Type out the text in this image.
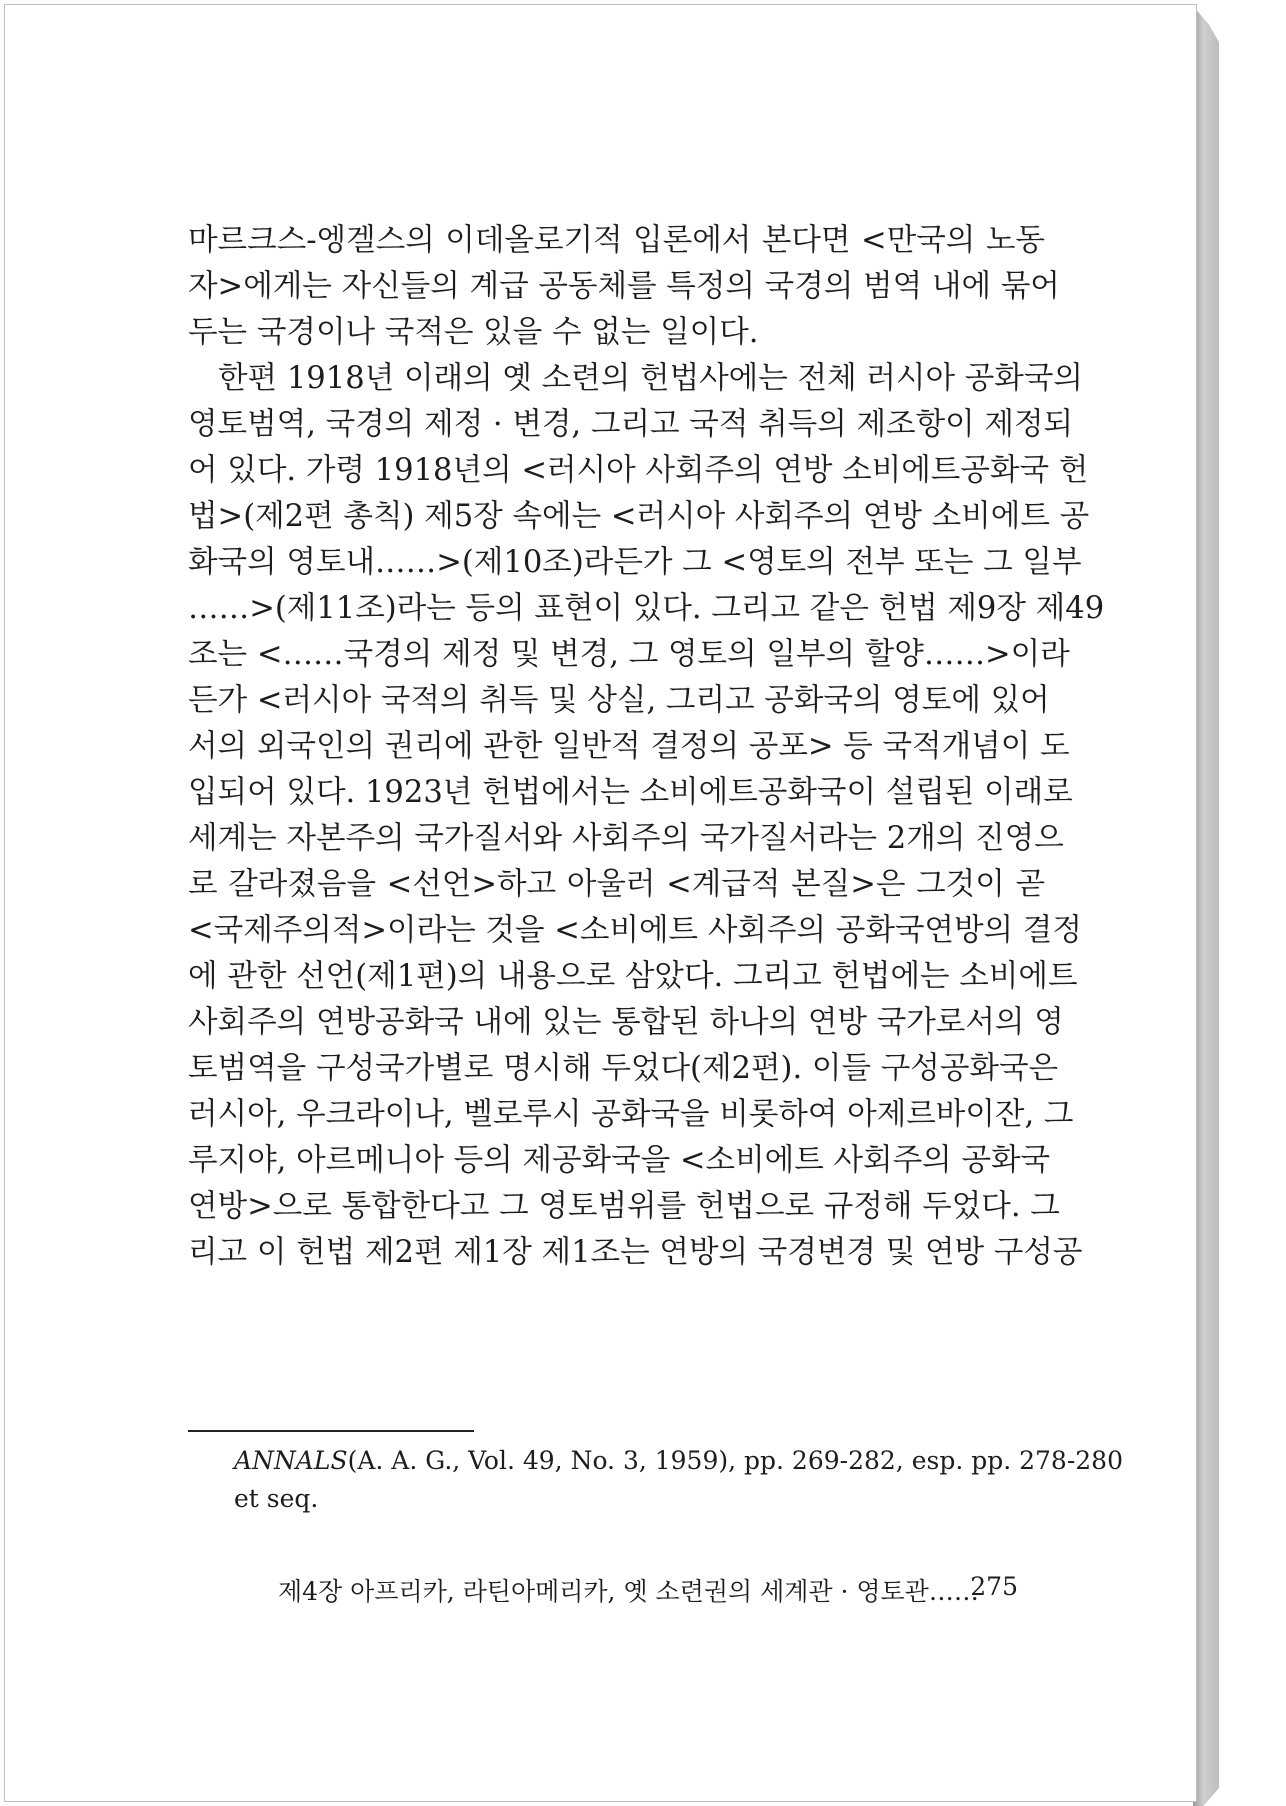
마르크스-엥겔스의 이데올로기적 입론에서 본다면 <만국의 노동
자>에게는 자신들의 계급 공동체를 특정의 국경의 범역 내에 묶어
두는 국경이나 국적은 있을 수 없는 일이다.
한편 1918년 이래의 옛 소련의 헌법사에는 전체 러시아 공화국의
영토범역, 국경의 제정 · 변경, 그리고 국적 취득의 제조항이 제정되
어 있다. 가령 1918년의 <러시아 사회주의 연방 소비에트공화국 헌
법>(제2편 총칙) 제5장 속에는 <러시아 사회주의 연방 소비에트 공
화국의 영토내……>(제10조)라든가 그 <영토의 전부 또는 그 일부
……>(제11조)라는 등의 표현이 있다. 그리고 같은 헌법 제9장 제49
조는 <……국경의 제정 및 변경, 그 영토의 일부의 할양……>이라
든가 <러시아 국적의 취득 및 상실, 그리고 공화국의 영토에 있어
서의 외국인의 권리에 관한 일반적 결정의 공포> 등 국적개념이 도
입되어 있다. 1923년 헌법에서는 소비에트공화국이 설립된 이래로
세계는 자본주의 국가질서와 사회주의 국가질서라는 2개의 진영으
로 갈라졌음을 <선언>하고 아울러 <계급적 본질>은 그것이 곧
<국제주의적>이라는 것을 <소비에트 사회주의 공화국연방의 결정
에 관한 선언(제1편)의 내용으로 삼았다. 그리고 헌법에는 소비에트
사회주의 연방공화국 내에 있는 통합된 하나의 연방 국가로서의 영
토범역을 구성국가별로 명시해 두었다(제2편). 이들 구성공화국은
러시아, 우크라이나, 벨로루시 공화국을 비롯하여 아제르바이잔, 그
루지야, 아르메니아 등의 제공화국을 <소비에트 사회주의 공화국
연방>으로 통합한다고 그 영토범위를 헌법으로 규정해 두었다. 그
리고 이 헌법 제2편 제1장 제1조는 연방의 국경변경 및 연방 구성공
ANNALS(A. A. G., Vol. 49, No. 3, 1959), pp. 269-282, esp. pp. 278-280
et seq.
제4장 아프리카, 라틴아메리카, 옛 소련권의 세계관 · 영토관……
275
